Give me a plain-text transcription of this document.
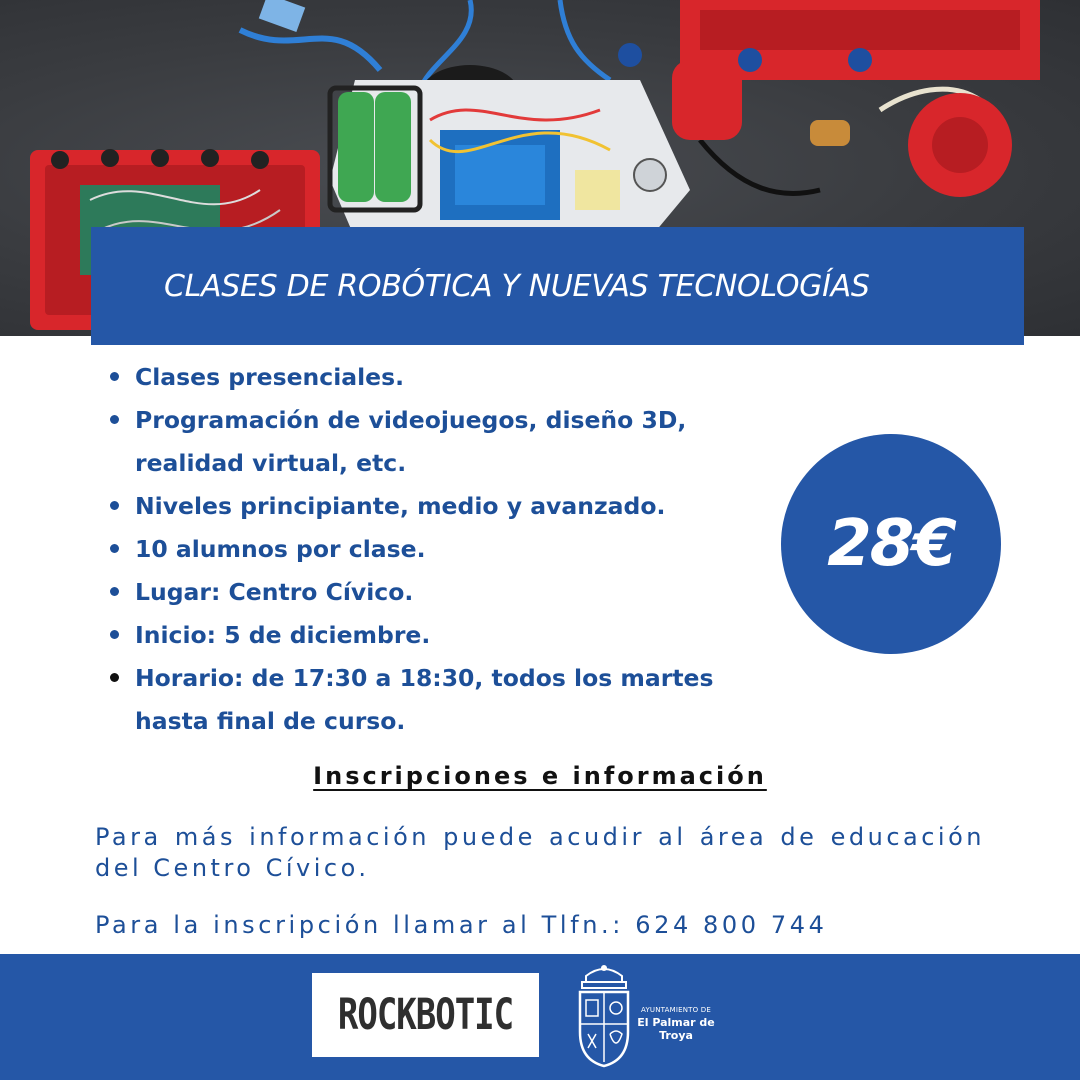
CLASES DE ROBÓTICA Y NUEVAS TECNOLOGÍAS
Clases presenciales.
Programación de videojuegos, diseño 3D, realidad virtual, etc.
Niveles principiante, medio y avanzado.
10 alumnos por clase.
Lugar: Centro Cívico.
Inicio: 5 de diciembre.
Horario: de 17:30 a 18:30, todos los martes hasta final de curso.
28€
Inscripciones e información

Para más información puede acudir al área de educación del Centro Cívico.

Para la inscripción llamar al Tlfn.: 624 800 744
ROCKBOTIC	AYUNTAMIENTO DE
El Palmar de
Troya
